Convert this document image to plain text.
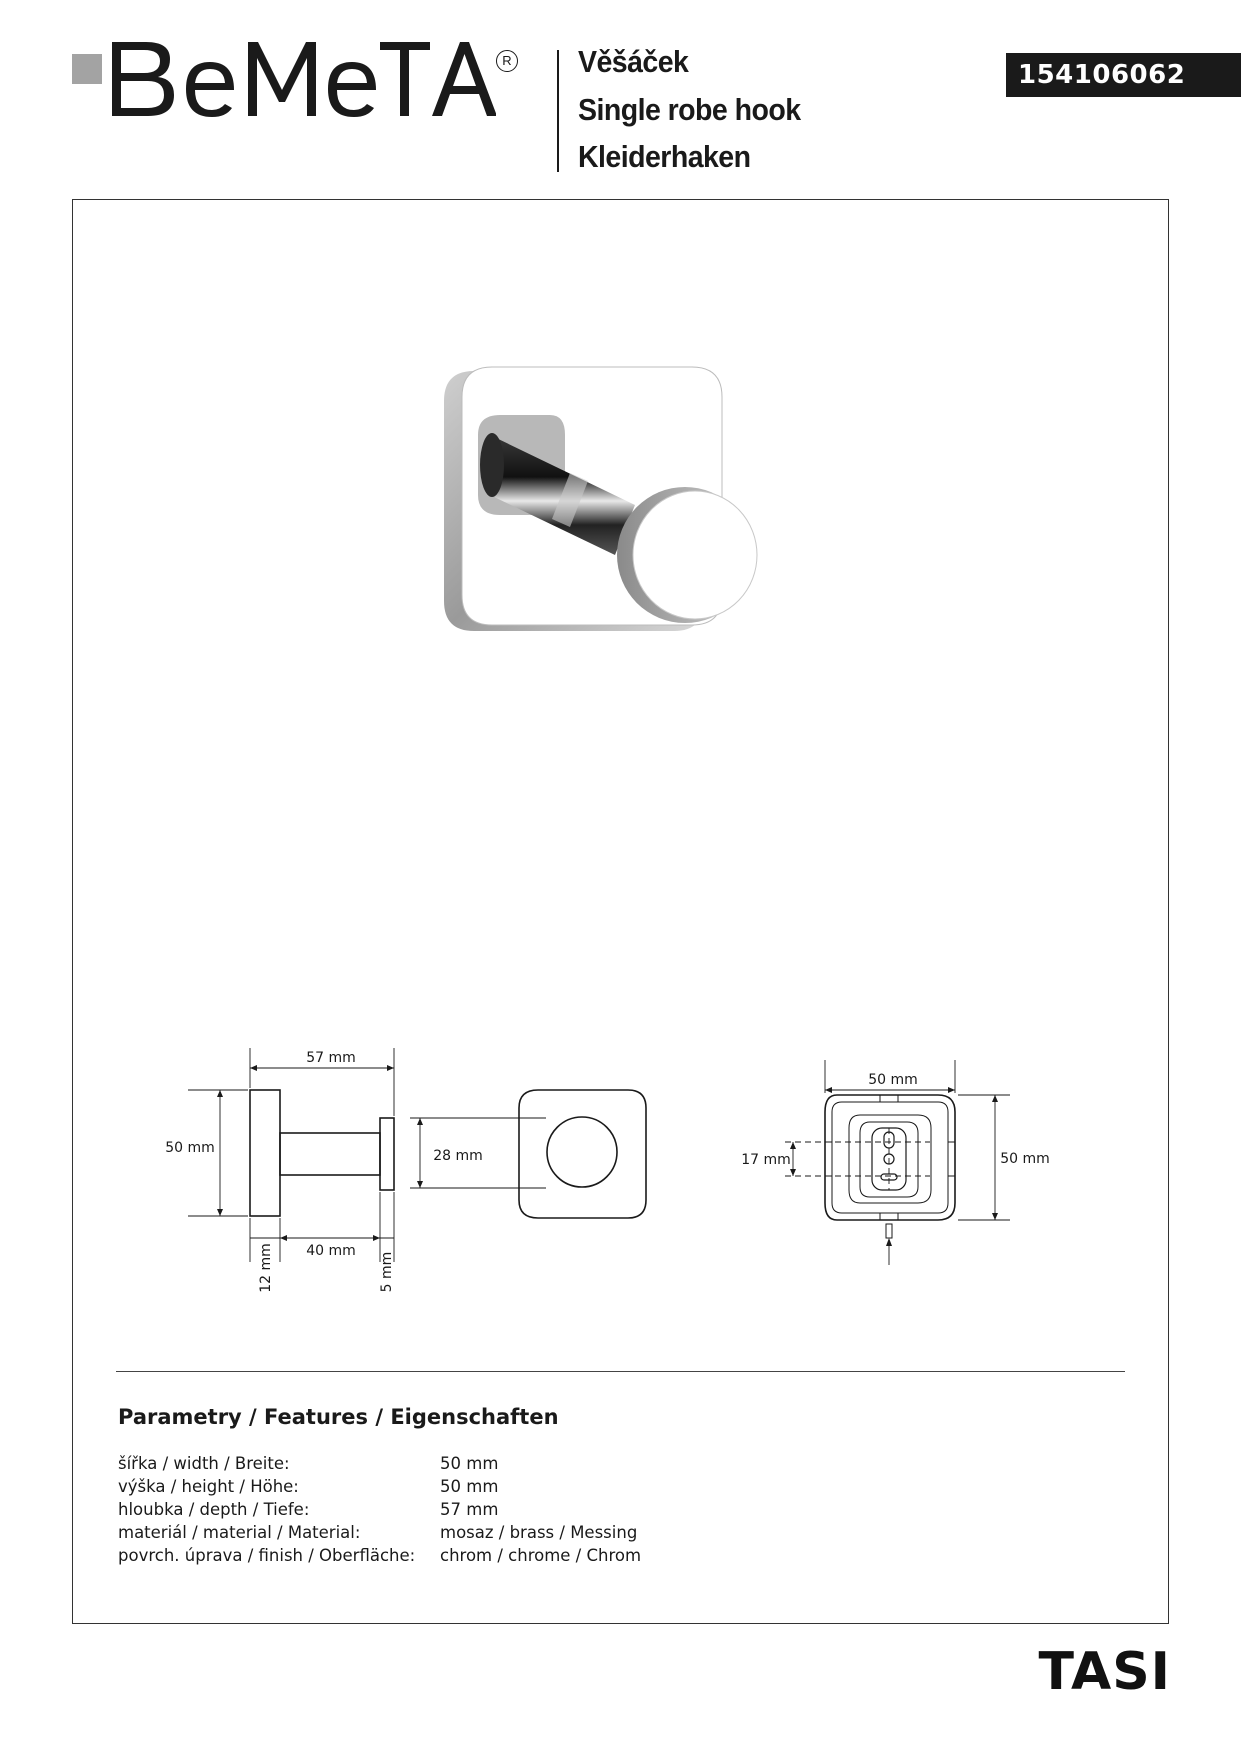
R Věšáček
Single robe hook
Kleiderhaken
154106062
57 mm
50 mm
40 mm
12 mm	5 mm
28 mm
50 mm
50 mm
17 mm
Parametry / Features / Eigenschaften
šířka / width / Breite:	50 mm
výška / height / Höhe:	50 mm
hloubka / depth / Tiefe:	57 mm
materiál / material / Material:	mosaz / brass / Messing
povrch. úprava / finish / Oberfläche: chrom / chrome / Chrom
TASI
